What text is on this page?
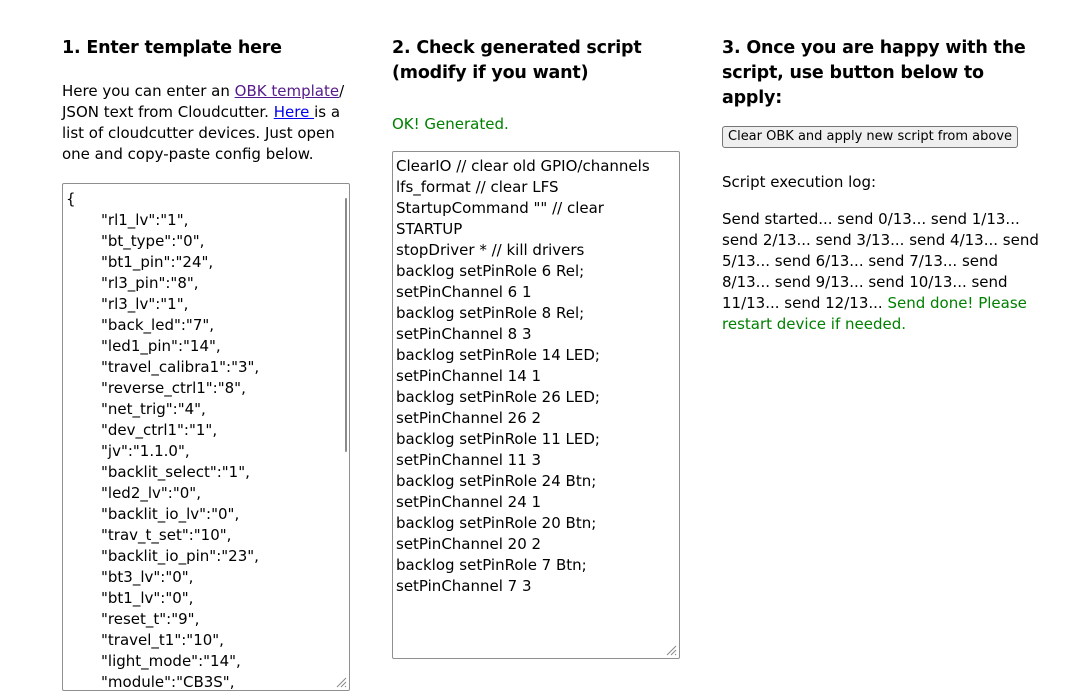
1. Enter template here

Here you can enter an OBK template/ JSON text from Cloudcutter. Here is a list of cloudcutter devices. Just open one and copy-paste config below.

{
"rl1_lv":"1",
"bt_type":"0",
"bt1_pin":"24",
"rl3_pin":"8",
"rl3_lv":"1",
"back_led":"7",
"led1_pin":"14",
"travel_calibra1":"3",
"reverse_ctrl1":"8",
"net_trig":"4",
"dev_ctrl1":"1",
"jv":"1.1.0",
"backlit_select":"1",
"led2_lv":"0",
"backlit_io_lv":"0",
"trav_t_set":"10",
"backlit_io_pin":"23",
"bt3_lv":"0",
"bt1_lv":"0",
"reset_t":"9",
"travel_t1":"10",
"light_mode":"14",
"module":"CB3S",
2. Check generated script (modify if you want)
OK! Generated.
ClearIO // clear old GPIO/channels
lfs_format // clear LFS
StartupCommand "" // clear STARTUP
stopDriver * // kill drivers
backlog setPinRole 6 Rel; setPinChannel 6 1
backlog setPinRole 8 Rel; setPinChannel 8 3
backlog setPinRole 14 LED; setPinChannel 14 1
backlog setPinRole 26 LED; setPinChannel 26 2
backlog setPinRole 11 LED; setPinChannel 11 3
backlog setPinRole 24 Btn; setPinChannel 24 1
backlog setPinRole 20 Btn; setPinChannel 20 2
backlog setPinRole 7 Btn; setPinChannel 7 3
3. Once you are happy with the script, use button below to apply:
Clear OBK and apply new script from above
Script execution log:
Send started... send 0/13... send 1/13... send 2/13... send 3/13... send 4/13... send 5/13... send 6/13... send 7/13... send 8/13... send 9/13... send 10/13... send 11/13... send 12/13... Send done! Please restart device if needed.
